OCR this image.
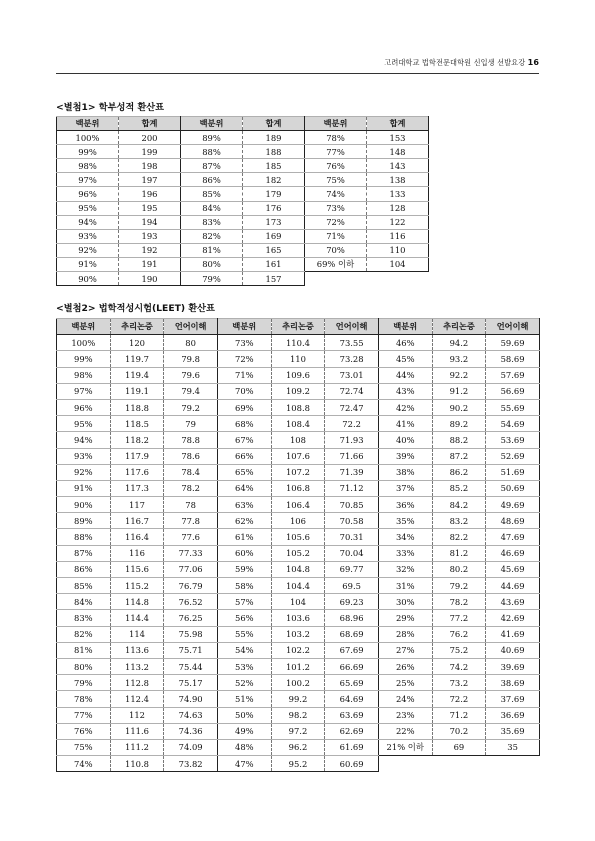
고려대학교 법학전문대학원 신입생 선발요강 16
<별첨1> 학부성적 환산표
백분위	합계	백분위	합계	백분위	합계
100%	200	89%	189	78%	153
99%	199	88%	188	77%	148
98%	198	87%	185	76%	143
97%	197	86%	182	75%	138
96%	196	85%	179	74%	133
95%	195	84%	176	73%	128
94%	194	83%	173	72%	122
93%	193	82%	169	71%	116
92%	192	81%	165	70%	110
91%	191	80%	161	69% 이하	104
90%	190	79%	157		
<별첨2> 법학적성시험(LEET) 환산표
백분위	추리논증	언어이해	백분위	추리논증	언어이해	백분위	추리논증	언어이해
100%	120	80	73%	110.4	73.55	46%	94.2	59.69
99%	119.7	79.8	72%	110	73.28	45%	93.2	58.69
98%	119.4	79.6	71%	109.6	73.01	44%	92.2	57.69
97%	119.1	79.4	70%	109.2	72.74	43%	91.2	56.69
96%	118.8	79.2	69%	108.8	72.47	42%	90.2	55.69
95%	118.5	79	68%	108.4	72.2	41%	89.2	54.69
94%	118.2	78.8	67%	108	71.93	40%	88.2	53.69
93%	117.9	78.6	66%	107.6	71.66	39%	87.2	52.69
92%	117.6	78.4	65%	107.2	71.39	38%	86.2	51.69
91%	117.3	78.2	64%	106.8	71.12	37%	85.2	50.69
90%	117	78	63%	106.4	70.85	36%	84.2	49.69
89%	116.7	77.8	62%	106	70.58	35%	83.2	48.69
88%	116.4	77.6	61%	105.6	70.31	34%	82.2	47.69
87%	116	77.33	60%	105.2	70.04	33%	81.2	46.69
86%	115.6	77.06	59%	104.8	69.77	32%	80.2	45.69
85%	115.2	76.79	58%	104.4	69.5	31%	79.2	44.69
84%	114.8	76.52	57%	104	69.23	30%	78.2	43.69
83%	114.4	76.25	56%	103.6	68.96	29%	77.2	42.69
82%	114	75.98	55%	103.2	68.69	28%	76.2	41.69
81%	113.6	75.71	54%	102.2	67.69	27%	75.2	40.69
80%	113.2	75.44	53%	101.2	66.69	26%	74.2	39.69
79%	112.8	75.17	52%	100.2	65.69	25%	73.2	38.69
78%	112.4	74.90	51%	99.2	64.69	24%	72.2	37.69
77%	112	74.63	50%	98.2	63.69	23%	71.2	36.69
76%	111.6	74.36	49%	97.2	62.69	22%	70.2	35.69
75%	111.2	74.09	48%	96.2	61.69	21% 이하	69	35
74%	110.8	73.82	47%	95.2	60.69			
